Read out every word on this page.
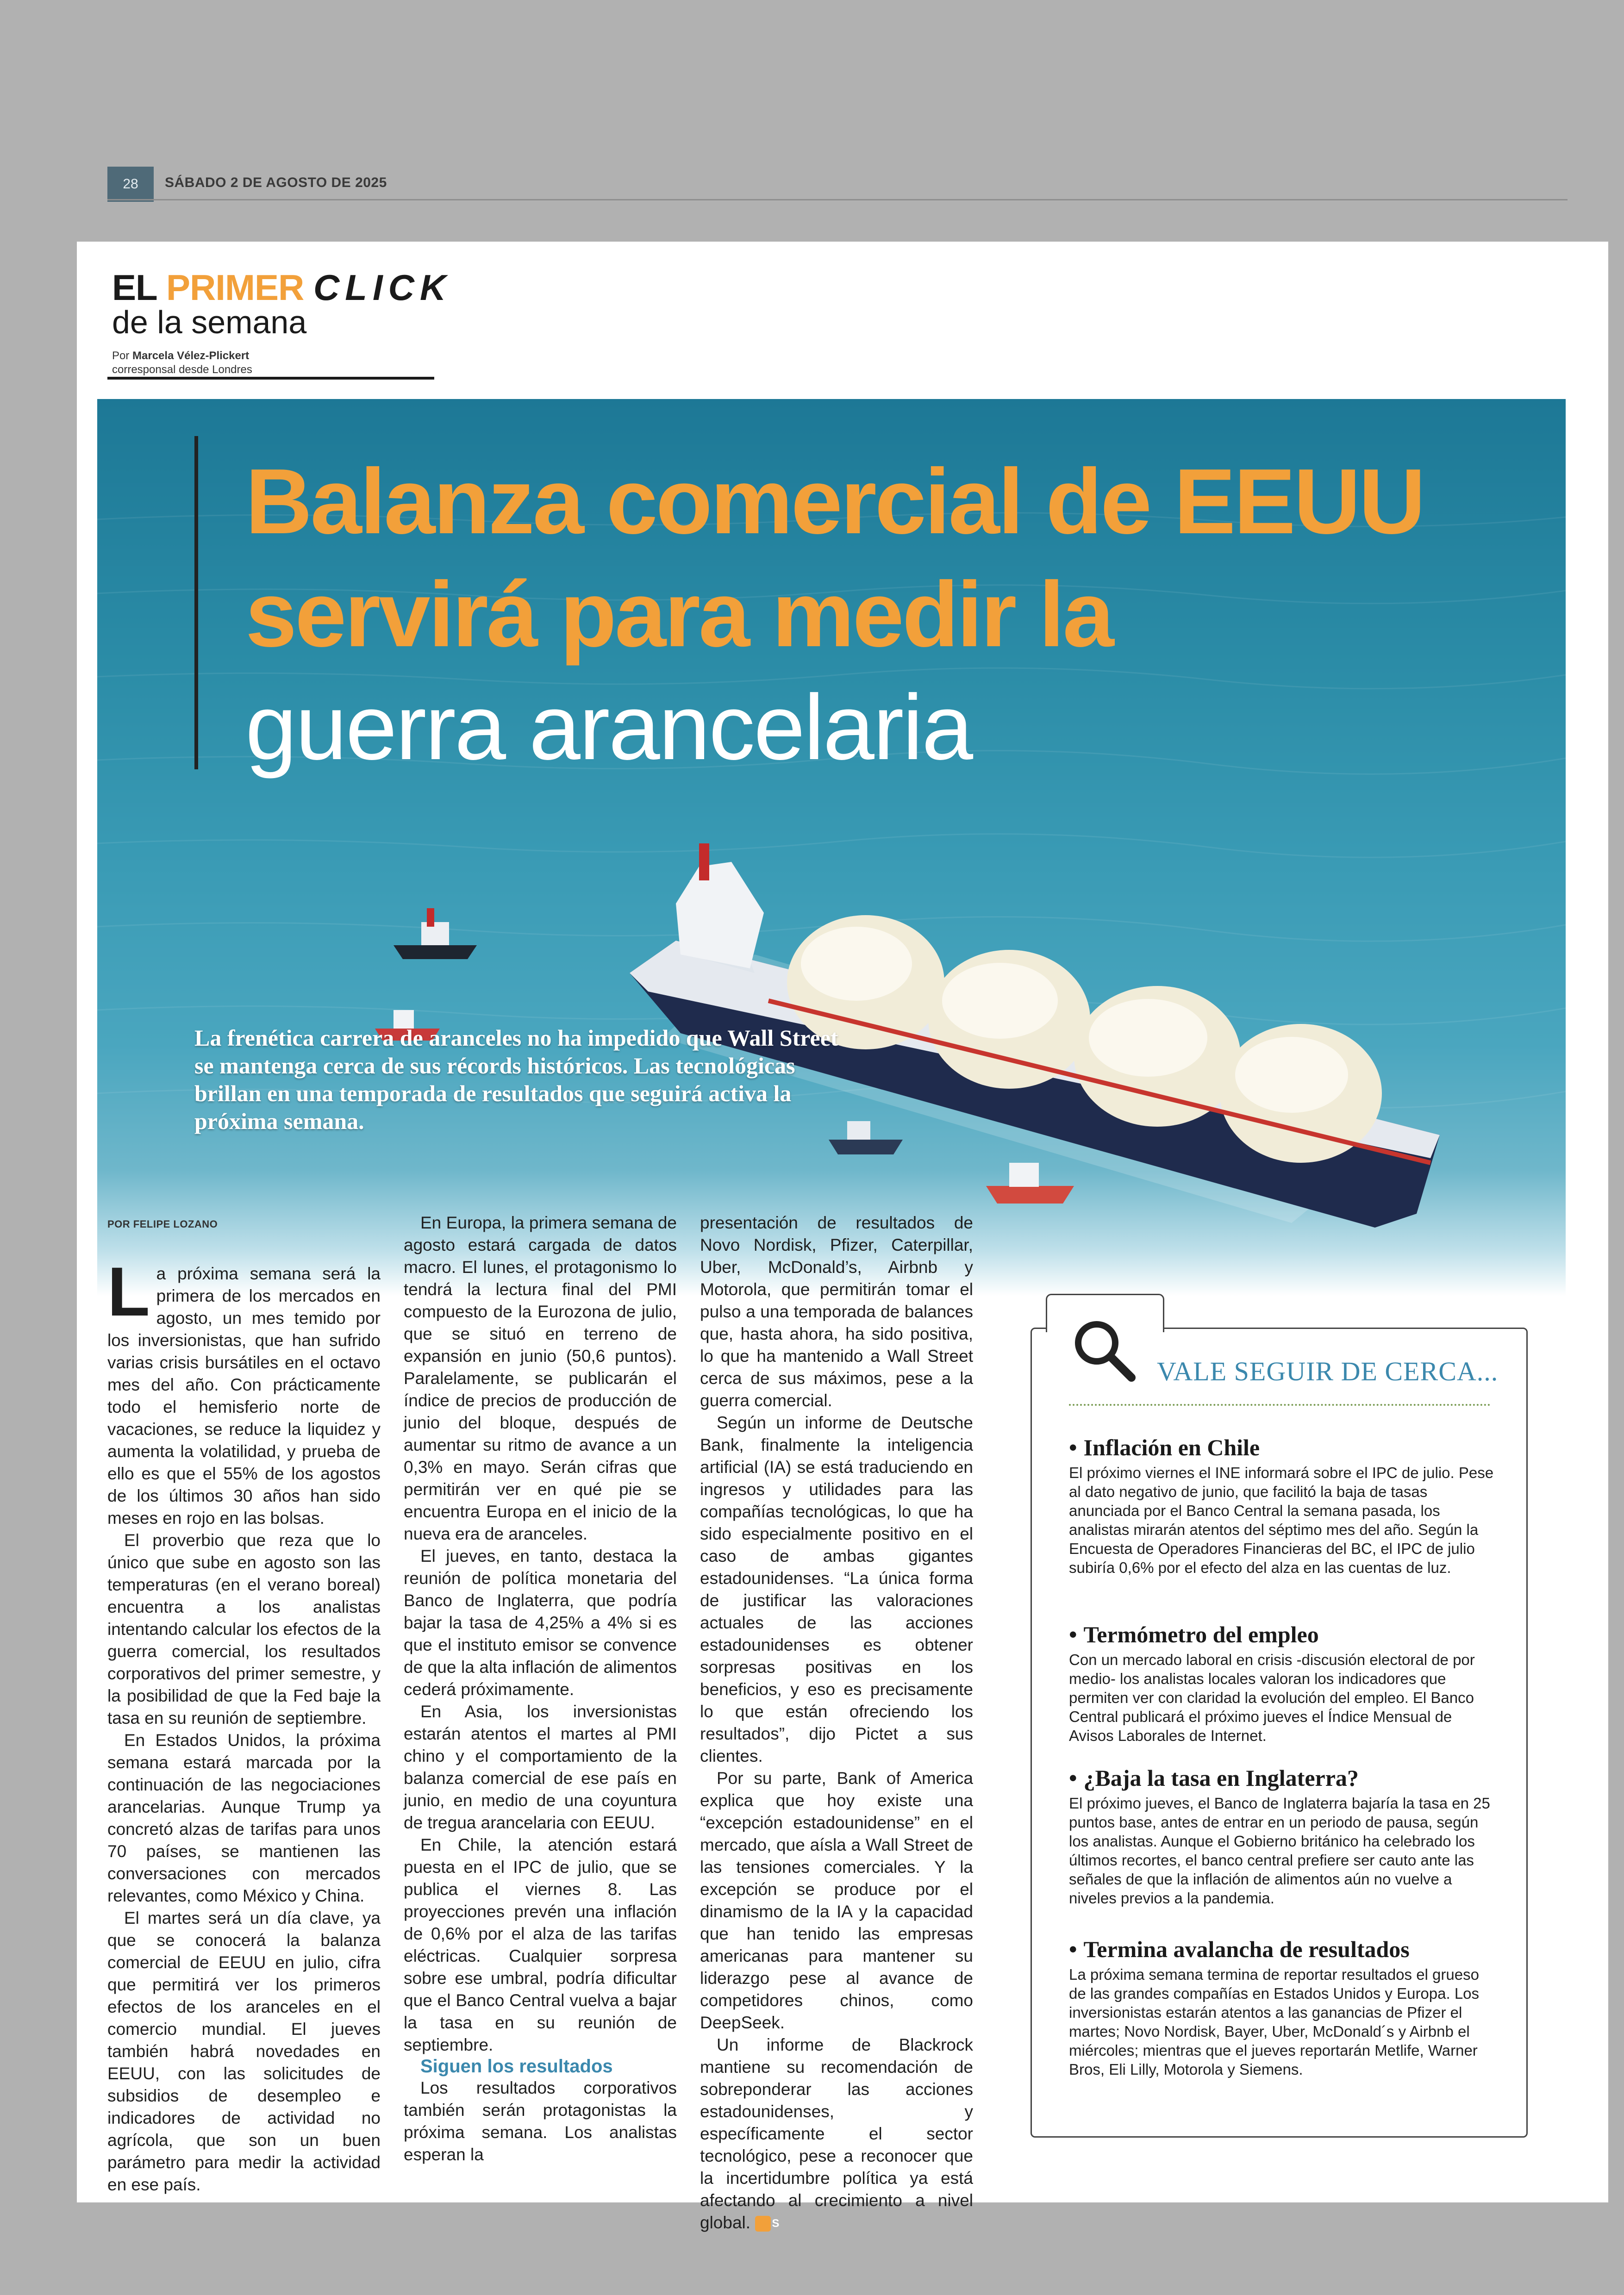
28	SÁBADO 2 DE AGOSTO DE 2025
EL PRIMER CLICK
de la semana
Por Marcela Vélez-Plickert
corresponsal desde Londres
Balanza comercial de EEUU
servirá para medir la
guerra arancelaria
La frenética carrera de aranceles no ha impedido que Wall Street se mantenga cerca de sus récords históricos. Las tecnológicas brillan en una temporada de resultados que seguirá activa la próxima semana.
POR FELIPE LOZANO

La próxima semana será la primera de los mercados en agosto, un mes temido por los inversionistas, que han sufrido varias crisis bursátiles en el octavo mes del año. Con prácticamente todo el hemisferio norte de vacaciones, se reduce la liquidez y aumenta la volatilidad, y prueba de ello es que el 55% de los agostos de los últimos 30 años han sido meses en rojo en las bolsas.

El proverbio que reza que lo único que sube en agosto son las temperaturas (en el verano boreal) encuentra a los analistas intentando calcular los efectos de la guerra comercial, los resultados corporativos del primer semestre, y la posibilidad de que la Fed baje la tasa en su reunión de septiembre.

En Estados Unidos, la próxima semana estará marcada por la continuación de las negociaciones arancelarias. Aunque Trump ya concretó alzas de tarifas para unos 70 países, se mantienen las conversaciones con mercados relevantes, como México y China.

El martes será un día clave, ya que se conocerá la balanza comercial de EEUU en julio, cifra que permitirá ver los primeros efectos de los aranceles en el comercio mundial. El jueves también habrá novedades en EEUU, con las solicitudes de subsidios de desempleo e indicadores de actividad no agrícola, que son un buen parámetro para medir la actividad en ese país.

En Europa, la primera semana de agosto estará cargada de datos macro. El lunes, el protagonismo lo tendrá la lectura final del PMI compuesto de la Eurozona de julio, que se situó en terreno de expansión en junio (50,6 puntos). Paralelamente, se publicarán el índice de precios de producción de junio del bloque, después de aumentar su ritmo de avance a un 0,3% en mayo. Serán cifras que permitirán ver en qué pie se encuentra Europa en el inicio de la nueva era de aranceles.

El jueves, en tanto, destaca la reunión de política monetaria del Banco de Inglaterra, que podría bajar la tasa de 4,25% a 4% si es que el instituto emisor se convence de que la alta inflación de alimentos cederá próximamente.

En Asia, los inversionistas estarán atentos el martes al PMI chino y el comportamiento de la balanza comercial de ese país en junio, en medio de una coyuntura de tregua arancelaria con EEUU.

En Chile, la atención estará puesta en el IPC de julio, que se publica el viernes 8. Las proyecciones prevén una inflación de 0,6% por el alza de las tarifas eléctricas. Cualquier sorpresa sobre ese umbral, podría dificultar que el Banco Central vuelva a bajar la tasa en su reunión de septiembre.

Siguen los resultados

Los resultados corporativos también serán protagonistas la próxima semana. Los analistas esperan la

presentación de resultados de Novo Nordisk, Pfizer, Caterpillar, Uber, McDonald’s, Airbnb y Motorola, que permitirán tomar el pulso a una temporada de balances que, hasta ahora, ha sido positiva, lo que ha mantenido a Wall Street cerca de sus máximos, pese a la guerra comercial.

Según un informe de Deutsche Bank, finalmente la inteligencia artificial (IA) se está traduciendo en ingresos y utilidades para las compañías tecnológicas, lo que ha sido especialmente positivo en el caso de ambas gigantes estadounidenses. “La única forma de justificar las valoraciones actuales de las acciones estadounidenses es obtener sorpresas positivas en los beneficios, y eso es precisamente lo que están ofreciendo los resultados”, dijo Pictet a sus clientes.

Por su parte, Bank of America explica que hoy existe una “excepción estadounidense” en el mercado, que aísla a Wall Street de las tensiones comerciales. Y la excepción se produce por el dinamismo de la IA y la capacidad que han tenido las empresas americanas para mantener su liderazgo pese al avance de competidores chinos, como DeepSeek.

Un informe de Blackrock mantiene su recomendación de sobreponderar las acciones estadounidenses, y específicamente el sector tecnológico, pese a reconocer que la incertidumbre política ya está afectando al crecimiento a nivel global. S

VALE SEGUIR DE CERCA...
• Inflación en Chile

El próximo viernes el INE informará sobre el IPC de julio. Pese al dato negativo de junio, que facilitó la baja de tasas anunciada por el Banco Central la semana pasada, los analistas mirarán atentos del séptimo mes del año. Según la Encuesta de Operadores Financieras del BC, el IPC de julio subiría 0,6% por el efecto del alza en las cuentas de luz.

• Termómetro del empleo

Con un mercado laboral en crisis -discusión electoral de por medio- los analistas locales valoran los indicadores que permiten ver con claridad la evolución del empleo. El Banco Central publicará el próximo jueves el Índice Mensual de Avisos Laborales de Internet.

• ¿Baja la tasa en Inglaterra?

El próximo jueves, el Banco de Inglaterra bajaría la tasa en 25 puntos base, antes de entrar en un periodo de pausa, según los analistas. Aunque el Gobierno británico ha celebrado los últimos recortes, el banco central prefiere ser cauto ante las señales de que la inflación de alimentos aún no vuelve a niveles previos a la pandemia.

• Termina avalancha de resultados

La próxima semana termina de reportar resultados el grueso de las grandes compañías en Estados Unidos y Europa. Los inversionistas estarán atentos a las ganancias de Pfizer el martes; Novo Nordisk, Bayer, Uber, McDonald´s y Airbnb el miércoles; mientras que el jueves reportarán Metlife, Warner Bros, Eli Lilly, Motorola y Siemens.
